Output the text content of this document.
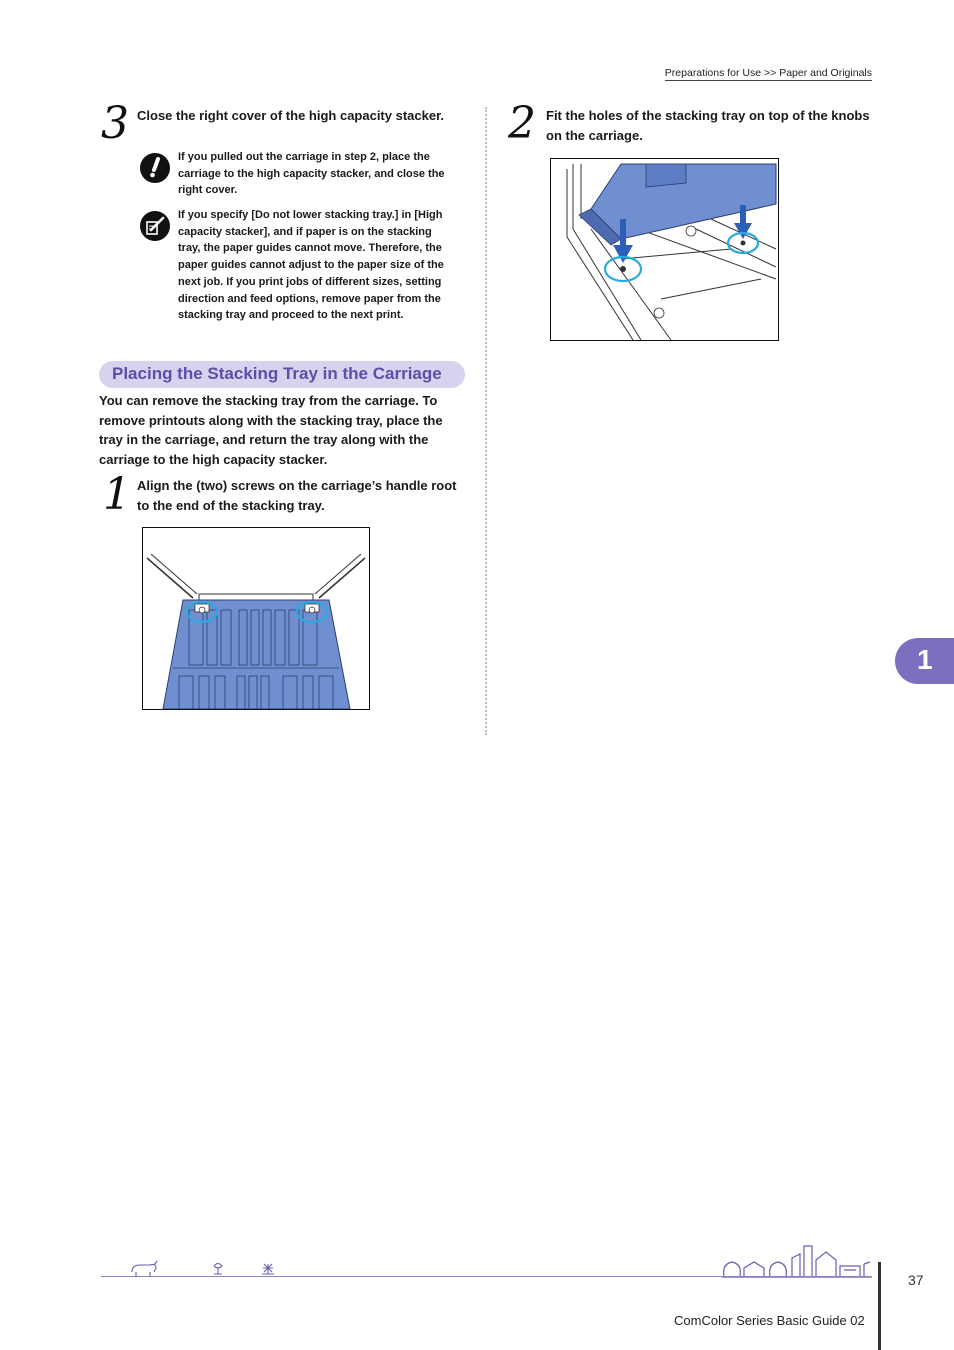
Preparations for Use >> Paper and Originals
3 Close the right cover of the high capacity stacker.
If you pulled out the carriage in step 2, place the
carriage to the high capacity stacker, and close the
right cover.
If you specify [Do not lower stacking tray.] in [High
capacity stacker], and if paper is on the stacking
tray, the paper guides cannot move. Therefore, the
paper guides cannot adjust to the paper size of the
next job. If you print jobs of different sizes, setting
direction and feed options, remove paper from the
stacking tray and proceed to the next print.
Placing the Stacking Tray in the Carriage
You can remove the stacking tray from the carriage. To
remove printouts along with the stacking tray, place the
tray in the carriage, and return the tray along with the
carriage to the high capacity stacker.
1 Align the (two) screws on the carriage’s handle root
to the end of the stacking tray.
2 Fit the holes of the stacking tray on top of the knobs
on the carriage.
1
37
ComColor Series Basic Guide 02
